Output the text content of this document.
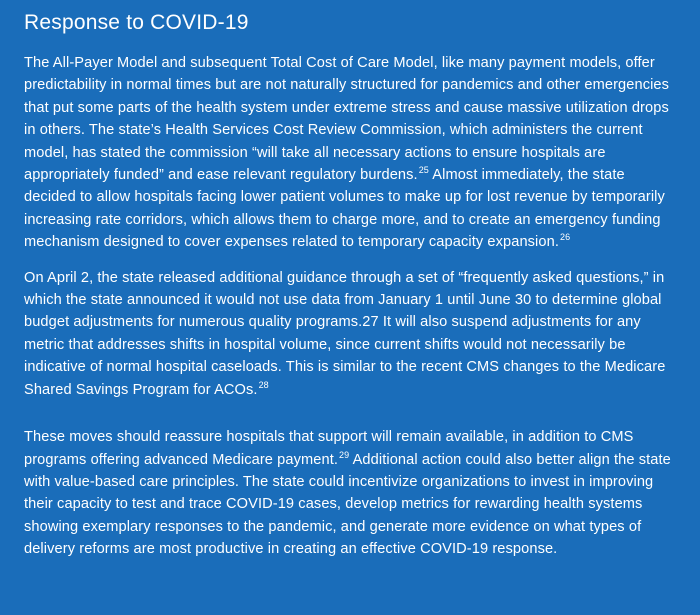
Response to COVID-19

The All-Payer Model and subsequent Total Cost of Care Model, like many payment models, offer predictability in normal times but are not naturally structured for pandemics and other emergencies that put some parts of the health system under extreme stress and cause massive utilization drops in others. The state’s Health Services Cost Review Commission, which administers the current model, has stated the commission “will take all necessary actions to ensure hospitals are appropriately funded” and ease relevant regulatory burdens.$^{25}$ Almost immediately, the state decided to allow hospitals facing lower patient volumes to make up for lost revenue by temporarily increasing rate corridors, which allows them to charge more, and to create an emergency funding mechanism designed to cover expenses related to temporary capacity expansion.$^{26}$

On April 2, the state released additional guidance through a set of “frequently asked questions,” in which the state announced it would not use data from January 1 until June 30 to determine global budget adjustments for numerous quality programs.27 It will also suspend adjustments for any metric that addresses shifts in hospital volume, since current shifts would not necessarily be indicative of normal hospital caseloads. This is similar to the recent CMS changes to the Medicare Shared Savings Program for ACOs.$^{28}$

These moves should reassure hospitals that support will remain available, in addition to CMS programs offering advanced Medicare payment.$^{29}$ Additional action could also better align the state with value-based care principles. The state could incentivize organizations to invest in improving their capacity to test and trace COVID-19 cases, develop metrics for rewarding health systems showing exemplary responses to the pandemic, and generate more evidence on what types of delivery reforms are most productive in creating an effective COVID-19 response.
